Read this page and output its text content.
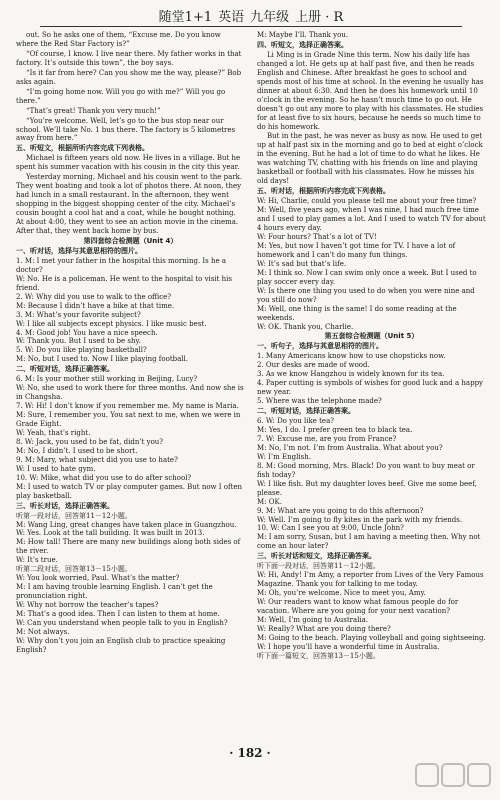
随堂1+1 英语 九年级 上册 · R

out. So he asks one of them, “Excuse me. Do you know where the Red Star Factory is?”

“Of course, I know. I live near there. My father works in that factory. It’s outside this town”, the boy says.

“Is it far from here? Can you show me the way, please?” Bob asks again.

“I’m going home now. Will you go with me?” Will you go there.”

“That’s great! Thank you very much!”

“You’re welcome. Well, let’s go to the bus stop near our school. We’ll take No. 1 bus there. The factory is 5 kilometres away from here.”

五、听短文，根据所听内容完成下列表格。

Michael is fifteen years old now. He lives in a village. But he spent his summer vacation with his cousin in the city this year.

Yesterday morning, Michael and his cousin went to the park. They went boating and took a lot of photos there. At noon, they had lunch in a small restaurant. In the afternoon, they went shopping in the biggest shopping center of the city. Michael’s cousin bought a cool hat and a coat, while he bought nothing. At about 4:00, they went to see an action movie in the cinema. After that, they went back home by bus.

第四套综合检测题（Unit 4）
一、听对话，选择与其意思相符的图片。
1. M: I met your father in the hospital this morning. Is he a doctor?
W: No. He is a policeman. He went to the hospital to visit his friend.
2. W: Why did you use to walk to the office?
M: Because I didn’t have a bike at that time.
3. M: What’s your favorite subject?
W: I like all subjects except physics. I like music best.
4. M: Good job! You have a nice speech.
W: Thank you. But I used to be shy.
5. W: Do you like playing basketball?
M: No, but I used to. Now I like playing football.
二、听短对话，选择正确答案。
6. M: Is your mother still working in Beijing, Lucy?
W: No, she used to work there for three months. And now she is in Changsha.
7. W: Hi! I don’t know if you remember me. My name is Maria.
M: Sure, I remember you. You sat next to me, when we were in Grade Eight.
W: Yeah, that’s right.
8. W: Jack, you used to be fat, didn’t you?
M: No, I didn’t. I used to be short.
9. M: Mary, what subject did you use to hate?
W: I used to hate gym.
10. W: Mike, what did you use to do after school?
M: I used to watch TV or play computer games. But now I often play basketball.
三、听长对话，选择正确答案。
听第一段对话，回答第11－12小题。
M: Wang Ling, great changes have taken place in Guangzhou.
W: Yes. Look at the tall building. It was built in 2013.
M: How tall! There are many new buildings along both sides of the river.
W: It’s true.
听第二段对话，回答第13－15小题。
W: You look worried, Paul. What’s the matter?
M: I am having trouble learning English. I can’t get the pronunciation right.
W: Why not borrow the teacher’s tapes?
M: That’s a good idea. Then I can listen to them at home.
W: Can you understand when people talk to you in English?
M: Not always.
W: Why don’t you join an English club to practice speaking English?
M: Maybe I’ll. Thank you.
四、听短文，选择正确答案。

Li Ming is in Grade Nine this term. Now his daily life has changed a lot. He gets up at half past five, and then he reads English and Chinese. After breakfast he goes to school and spends most of his time at school. In the evening he usually has dinner at about 6:30. And then he does his homework until 10 o’clock in the evening. So he hasn’t much time to go out. He doesn’t go out any more to play with his classmates. He studies for at least five to six hours, because he needs so much time to do his homework.

But in the past, he was never as busy as now. He used to get up at half past six in the morning and go to bed at eight o’clock in the evening. But he had a lot of time to do what he likes. He was watching TV, chatting with his friends on line and playing basketball or football with his classmates. How he misses his old days!

五、听对话，根据所听内容完成下列表格。
W: Hi, Charlie, could you please tell me about your free time?
M: Well, five years ago, when I was nine, I had much free time and I used to play games a lot. And I used to watch TV for about 4 hours every day.
W: Four hours? That’s a lot of TV!
M: Yes, but now I haven’t got time for TV. I have a lot of homework and I can’t do many fun things.
W: It’s sad but that’s life.
M: I think so. Now I can swim only once a week. But I used to play soccer every day.
W: Is there one thing you used to do when you were nine and you still do now?
M: Well, one thing is the same! I do some reading at the weekends.
W: OK. Thank you, Charlie.
第五套综合检测题（Unit 5）
一、听句子，选择与其意思相符的图片。
1. Many Americans know how to use chopsticks now.
2. Our desks are made of wood.
3. As we know Hangzhou is widely known for its tea.
4. Paper cutting is symbols of wishes for good luck and a happy new year.
5. Where was the telephone made?
二、听短对话，选择正确答案。
6. W: Do you like tea?
M: Yes, I do. I prefer green tea to black tea.
7. W: Excuse me, are you from France?
M: No, I’m not. I’m from Australia. What about you?
W: I’m English.
8. M: Good morning, Mrs. Black! Do you want to buy meat or fish today?
W: I like fish. But my daughter loves beef. Give me some beef, please.
M: OK.
9. M: What are you going to do this afternoon?
W: Well. I’m going to fly kites in the park with my friends.
10. W: Can I see you at 9:00, Uncle John?
M: I am sorry, Susan, but I am having a meeting then. Why not come an hour later?
三、听长对话和短文，选择正确答案。
听下面一段对话，回答第11－12小题。
W: Hi, Andy! I’m Amy, a reporter from Lives of the Very Famous Magazine. Thank you for talking to me today.
M: Oh, you’re welcome. Nice to meet you, Amy.
W: Our readers want to know what famous people do for vacation. Where are you going for your next vacation?
M: Well, I’m going to Australia.
W: Really? What are you doing there?
M: Going to the beach. Playing volleyball and going sightseeing.
W: I hope you’ll have a wonderful time in Australia.
听下面一篇短文，回答第13－15小题。
· 182 ·
